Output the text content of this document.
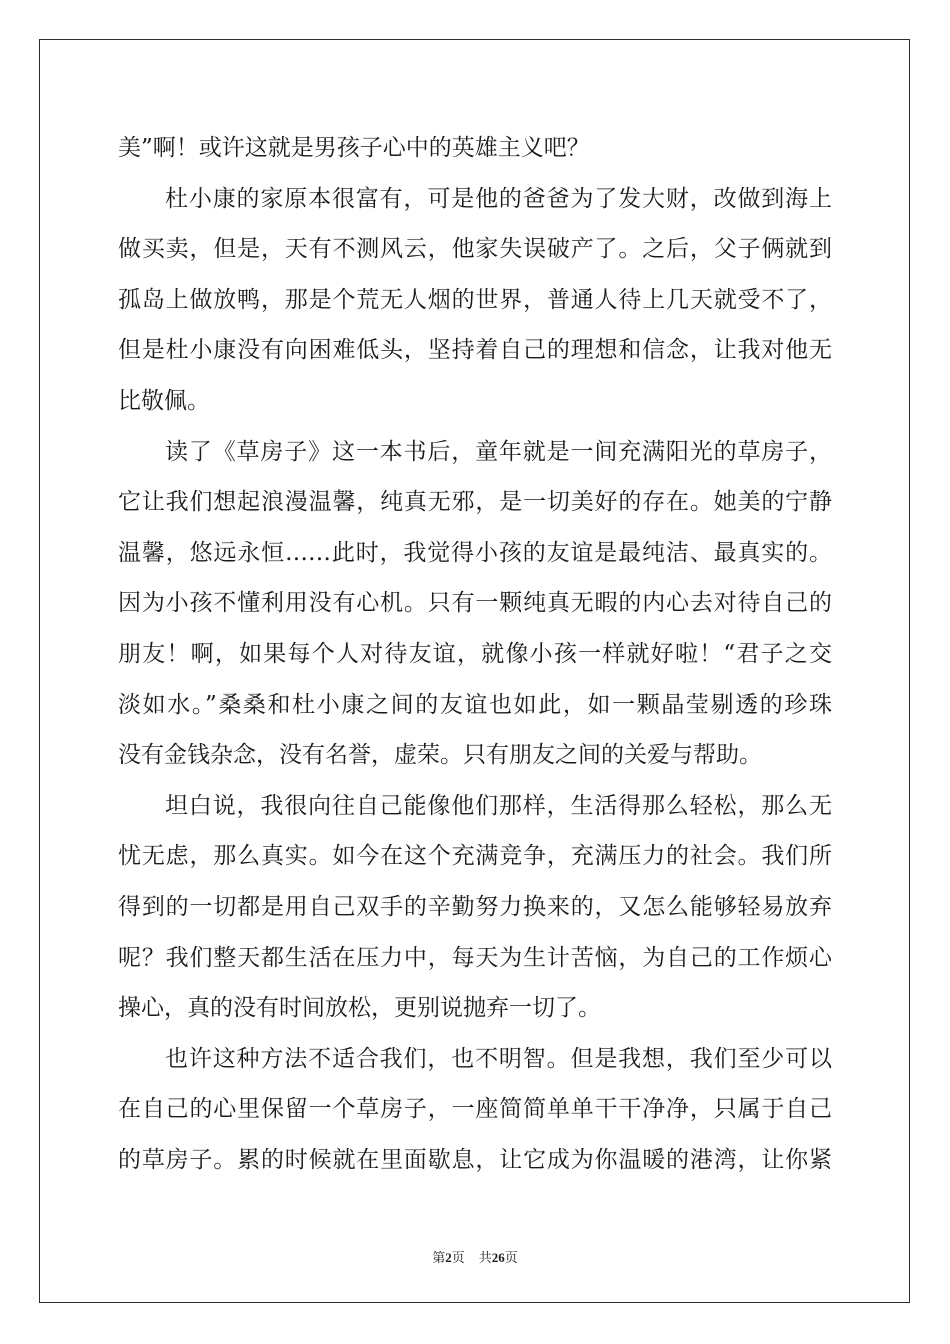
美”啊！或许这就是男孩子心中的英雄主义吧？
杜小康的家原本很富有，可是他的爸爸为了发大财，改做到海上
做买卖，但是，天有不测风云，他家失误破产了。之后，父子俩就到
孤岛上做放鸭，那是个荒无人烟的世界，普通人待上几天就受不了，
但是杜小康没有向困难低头，坚持着自己的理想和信念，让我对他无
比敬佩。
读了《草房子》这一本书后，童年就是一间充满阳光的草房子，
它让我们想起浪漫温馨，纯真无邪，是一切美好的存在。她美的宁静
温馨，悠远永恒……此时，我觉得小孩的友谊是最纯洁、最真实的。
因为小孩不懂利用没有心机。只有一颗纯真无暇的内心去对待自己的
朋友！啊，如果每个人对待友谊，就像小孩一样就好啦！“君子之交
淡如水。”桑桑和杜小康之间的友谊也如此，如一颗晶莹剔透的珍珠
没有金钱杂念，没有名誉，虚荣。只有朋友之间的关爱与帮助。
坦白说，我很向往自己能像他们那样，生活得那么轻松，那么无
忧无虑，那么真实。如今在这个充满竞争，充满压力的社会。我们所
得到的一切都是用自己双手的辛勤努力换来的，又怎么能够轻易放弃
呢？我们整天都生活在压力中，每天为生计苦恼，为自己的工作烦心
操心，真的没有时间放松，更别说抛弃一切了。
也许这种方法不适合我们，也不明智。但是我想，我们至少可以
在自己的心里保留一个草房子，一座简简单单干干净净，只属于自己
的草房子。累的时候就在里面歇息，让它成为你温暖的港湾，让你紧
第2页 共26页
